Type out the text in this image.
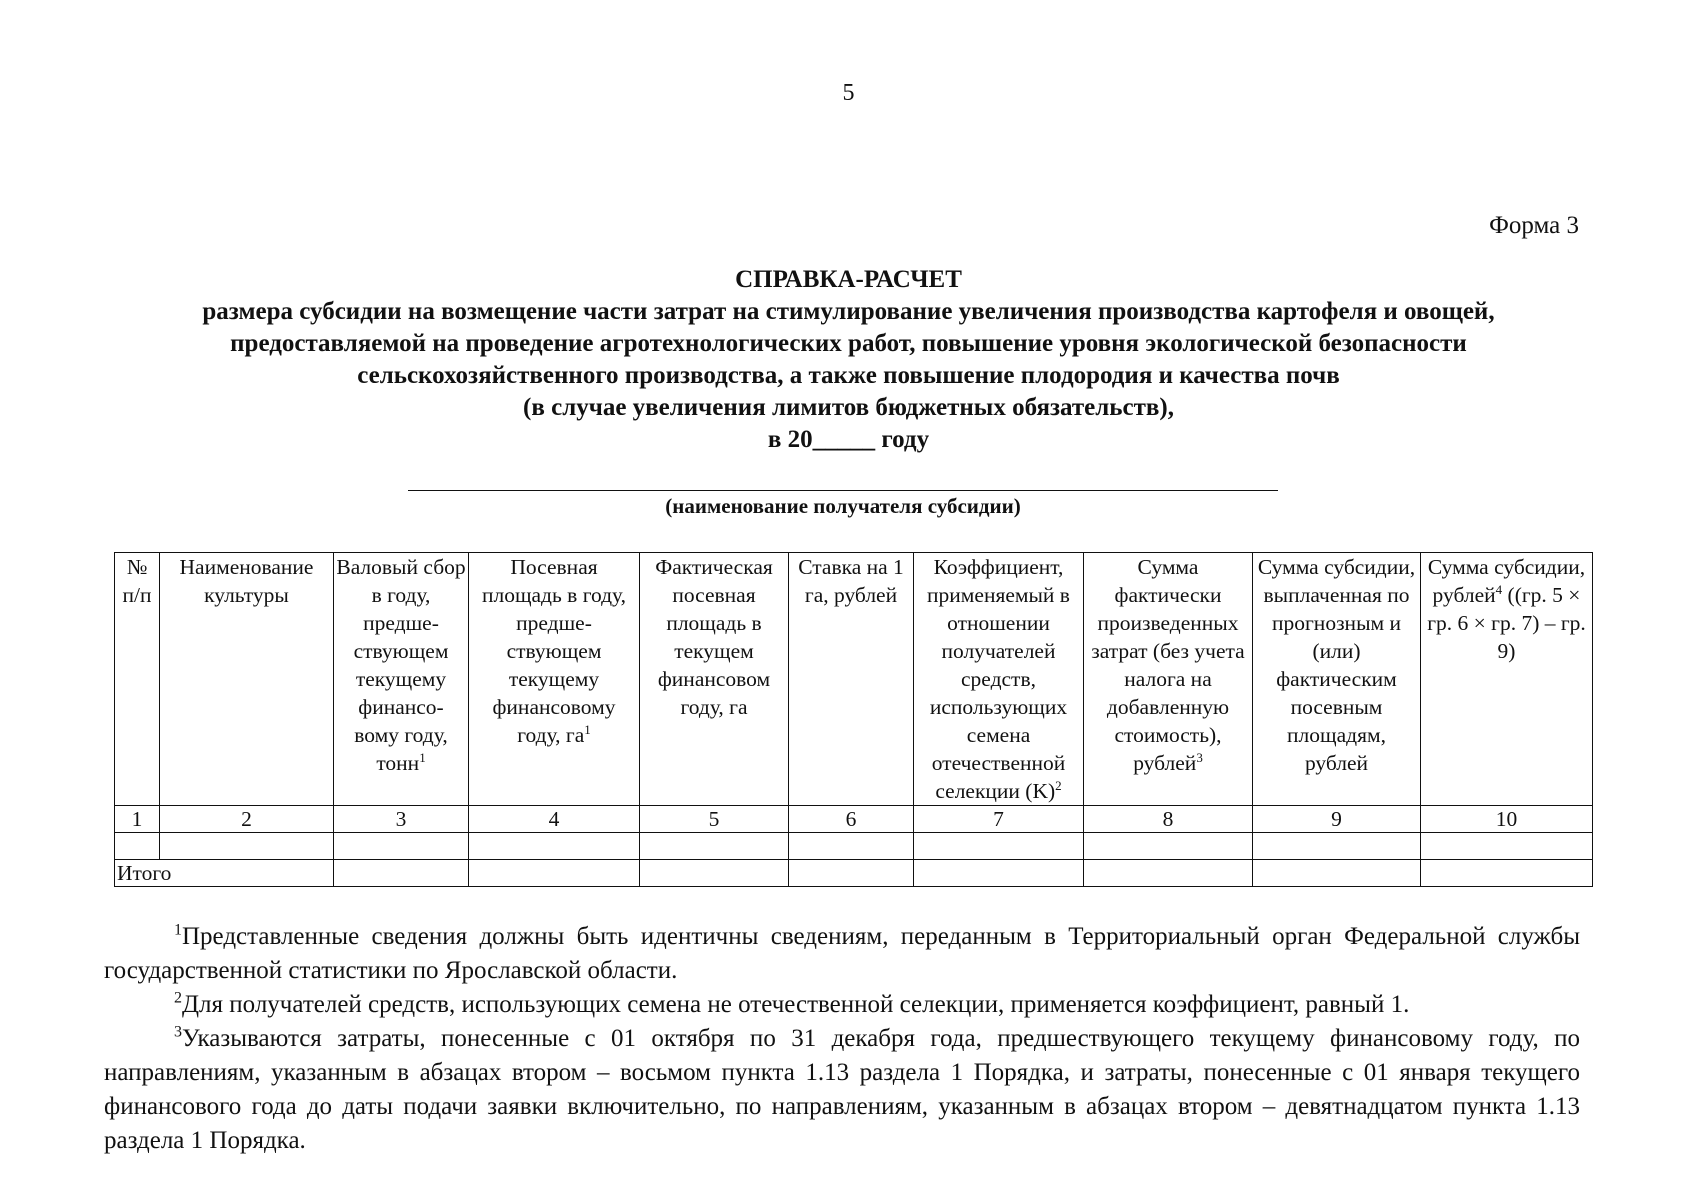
5
Форма 3
СПРАВКА-РАСЧЕТ
размера субсидии на возмещение части затрат на стимулирование увеличения производства картофеля и овощей,
предоставляемой на проведение агротехнологических работ, повышение уровня экологической безопасности
сельскохозяйственного производства, а также повышение плодородия и качества почв
(в случае увеличения лимитов бюджетных обязательств),
в 20_____ году
(наименование получателя субсидии)
№ п/п	Наименование культуры	Валовый сбор в году, предше-ствующем текущему финансо-вому году, тонн$^1$	Посевная площадь в году, предше-ствующем текущему финансовому году, $га^1$	Фактическая посевная площадь в текущем финансовом году, га	Ставка на 1 га, рублей	Коэффициент, применяемый в отношении получателей средств, использующих семена отечественной селекции $(K)^2$	Сумма фактически произведенных затрат (без учета налога на добавленную стоимость), рублей$^3$	Сумма субсидии, выплаченная по прогнозным и (или) фактическим посевным площадям, рублей	Сумма субсидии, рублей$^4$ ((гр. 5 × гр. 6 × гр. 7) – гр. 9)
1	2	3	4	5	6	7	8	9	10

Итого									

$^1$Представленные сведения должны быть идентичны сведениям, переданным в Территориальный орган Федеральной службы государственной статистики по Ярославской области.

$^2$Для получателей средств, использующих семена не отечественной селекции, применяется коэффициент, равный 1.

$^3$Указываются затраты, понесенные с 01 октября по 31 декабря года, предшествующего текущему финансовому году, по направлениям, указанным в абзацах втором – восьмом пункта 1.13 раздела 1 Порядка, и затраты, понесенные с 01 января текущего финансового года до даты подачи заявки включительно, по направлениям, указанным в абзацах втором – девятнадцатом пункта 1.13 раздела 1 Порядка.
